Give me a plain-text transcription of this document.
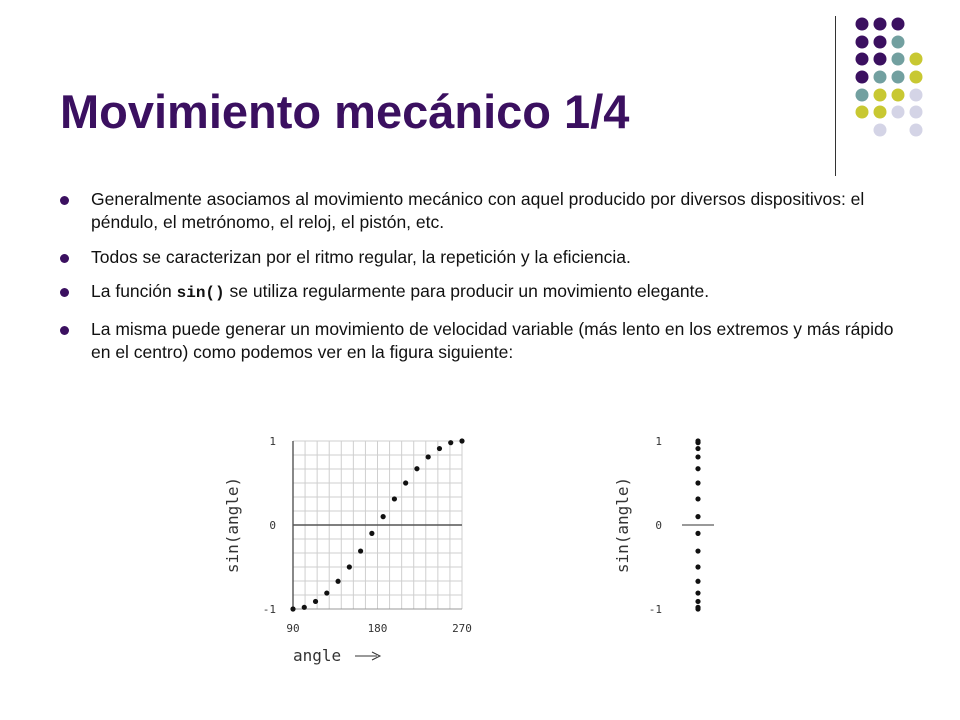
Movimiento mecánico 1/4
Generalmente asociamos al movimiento mecánico con aquel producido por diversos dispositivos: el péndulo, el metrónomo, el reloj, el pistón, etc.
Todos se caracterizan por el ritmo regular, la repetición y la eficiencia.
La función sin() se utiliza regularmente para producir un movimiento elegante.
La misma puede generar un movimiento de velocidad variable (más lento en los extremos y más rápido en el centro) como podemos ver en la figura siguiente:
1
0
-1
90	180	270
sin(angle)
angle
1
0
-1
sin(angle)
